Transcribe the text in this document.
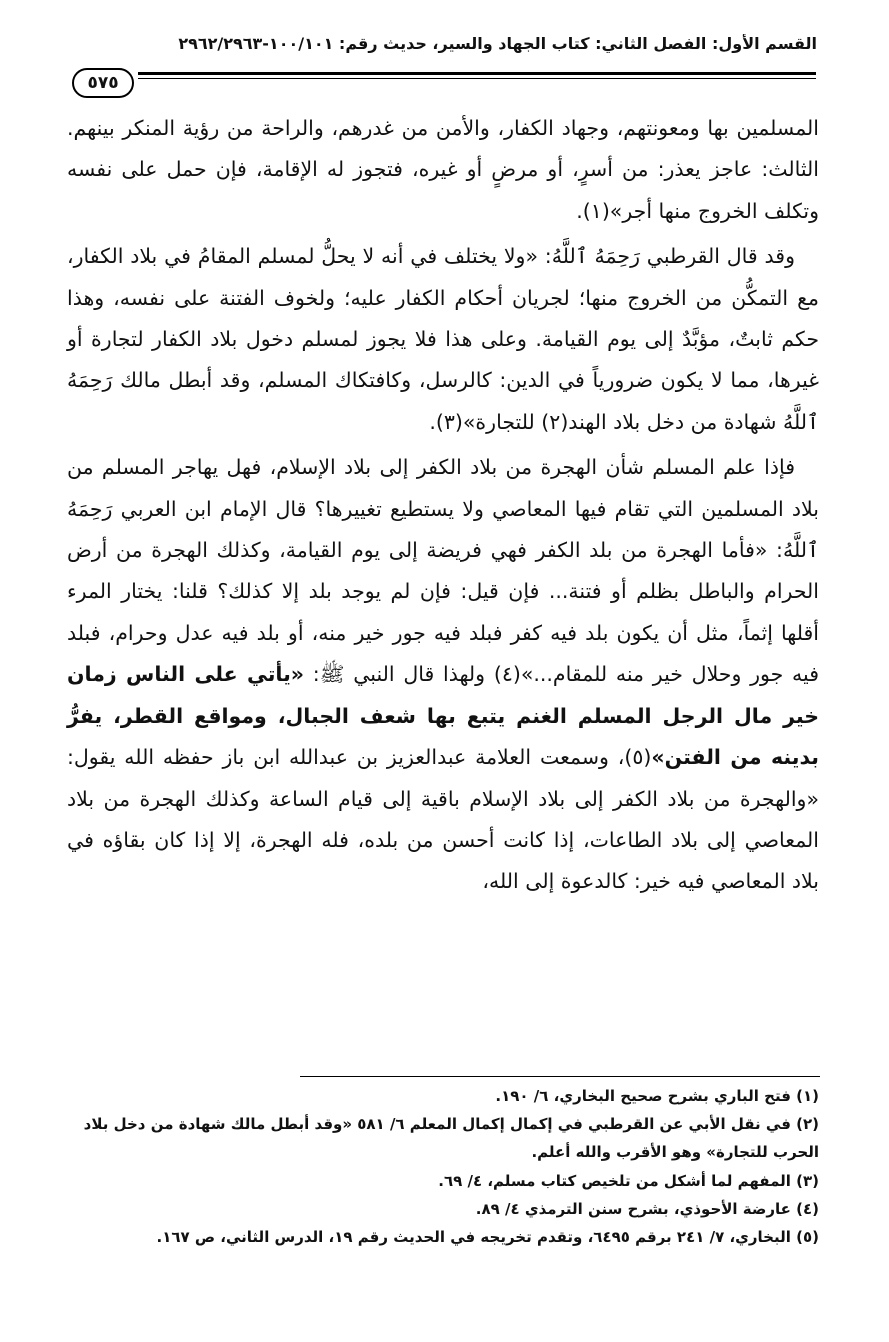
القسم الأول: الفصل الثاني: كتاب الجهاد والسير، حديث رقم: ١٠٠/١٠١-٢٩٦٢/٢٩٦٣
٥٧٥

المسلمين بها ومعونتهم، وجهاد الكفار، والأمن من غدرهم، والراحة من رؤية المنكر بينهم. الثالث: عاجز يعذر: من أسرٍ، أو مرضٍ أو غيره، فتجوز له الإقامة، فإن حمل على نفسه وتكلف الخروج منها أجر»(١).

وقد قال القرطبي رَحِمَهُ ٱللَّهُ: «ولا يختلف في أنه لا يحلُّ لمسلم المقامُ في بلاد الكفار، مع التمكُّن من الخروج منها؛ لجريان أحكام الكفار عليه؛ ولخوف الفتنة على نفسه، وهذا حكم ثابتٌ، مؤبَّدٌ إلى يوم القيامة. وعلى هذا فلا يجوز لمسلم دخول بلاد الكفار لتجارة أو غيرها، مما لا يكون ضرورياً في الدين: كالرسل، وكافتكاك المسلم، وقد أبطل مالك رَحِمَهُ ٱللَّهُ شهادة من دخل بلاد الهند(٢) للتجارة»(٣).

فإذا علم المسلم شأن الهجرة من بلاد الكفر إلى بلاد الإسلام، فهل يهاجر المسلم من بلاد المسلمين التي تقام فيها المعاصي ولا يستطيع تغييرها؟ قال الإمام ابن العربي رَحِمَهُ ٱللَّهُ: «فأما الهجرة من بلد الكفر فهي فريضة إلى يوم القيامة، وكذلك الهجرة من أرض الحرام والباطل بظلم أو فتنة... فإن قيل: فإن لم يوجد بلد إلا كذلك؟ قلنا: يختار المرء أقلها إثماً، مثل أن يكون بلد فيه كفر فبلد فيه جور خير منه، أو بلد فيه عدل وحرام، فبلد فيه جور وحلال خير منه للمقام...»(٤) ولهذا قال النبي ﷺ: «يأتي على الناس زمان خير مال الرجل المسلم الغنم يتبع بها شعف الجبال، ومواقع القطر، يفرُّ بدينه من الفتن»(٥)، وسمعت العلامة عبدالعزيز بن عبدالله ابن باز حفظه الله يقول: «والهجرة من بلاد الكفر إلى بلاد الإسلام باقية إلى قيام الساعة وكذلك الهجرة من بلاد المعاصي إلى بلاد الطاعات، إذا كانت أحسن من بلده، فله الهجرة، إلا إذا كان بقاؤه في بلاد المعاصي فيه خير: كالدعوة إلى الله،

(١) فتح الباري بشرح صحيح البخاري، ٦/ ١٩٠.

(٢) في نقل الأبي عن القرطبي في إكمال إكمال المعلم ٦/ ٥٨١ «وقد أبطل مالك شهادة من دخل بلاد الحرب للتجارة» وهو الأقرب والله أعلم.

(٣) المفهم لما أشكل من تلخيص كتاب مسلم، ٤/ ٦٩.

(٤) عارضة الأحوذي، بشرح سنن الترمذي ٤/ ٨٩.

(٥) البخاري، ٧/ ٢٤١ برقم ٦٤٩٥، وتقدم تخريجه في الحديث رقم ١٩، الدرس الثاني، ص ١٦٧.
